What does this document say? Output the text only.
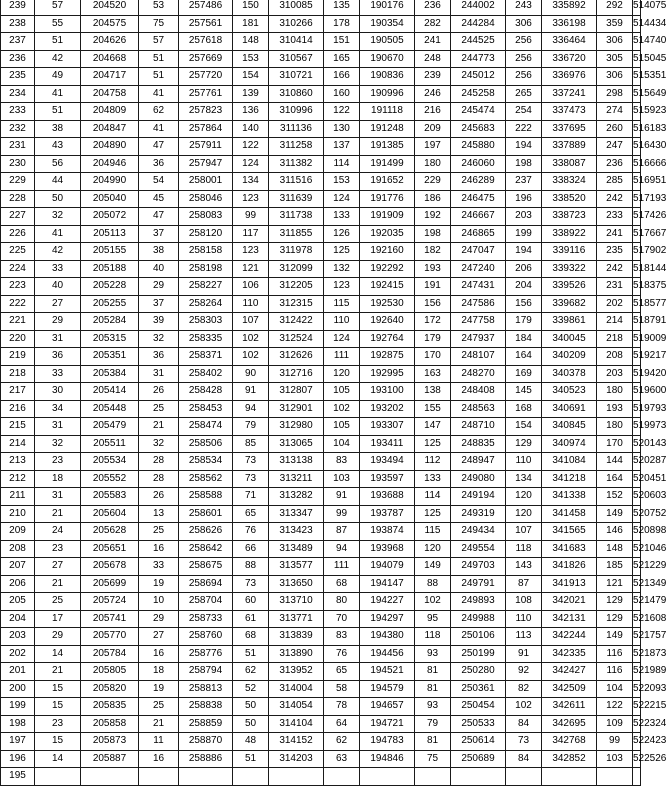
239	57	204520	53	257486	150	310085	135	190176	236	244002	243	335892	292	514075
238	55	204575	75	257561	181	310266	178	190354	282	244284	306	336198	359	514434
237	51	204626	57	257618	148	310414	151	190505	241	244525	256	336464	306	514740
236	42	204668	51	257669	153	310567	165	190670	248	244773	256	336720	305	515045
235	49	204717	51	257720	154	310721	166	190836	239	245012	256	336976	306	515351
234	41	204758	41	257761	139	310860	160	190996	246	245258	265	337241	298	515649
233	51	204809	62	257823	136	310996	122	191118	216	245474	254	337473	274	515923
232	38	204847	41	257864	140	311136	130	191248	209	245683	222	337695	260	516183
231	43	204890	47	257911	122	311258	137	191385	197	245880	194	337889	247	516430
230	56	204946	36	257947	124	311382	114	191499	180	246060	198	338087	236	516666
229	44	204990	54	258001	134	311516	153	191652	229	246289	237	338324	285	516951
228	50	205040	45	258046	123	311639	124	191776	186	246475	196	338520	242	517193
227	32	205072	47	258083	99	311738	133	191909	192	246667	203	338723	233	517426
226	41	205113	37	258120	117	311855	126	192035	198	246865	199	338922	241	517667
225	42	205155	38	258158	123	311978	125	192160	182	247047	194	339116	235	517902
224	33	205188	40	258198	121	312099	132	192292	193	247240	206	339322	242	518144
223	40	205228	29	258227	106	312205	123	192415	191	247431	204	339526	231	518375
222	27	205255	37	258264	110	312315	115	192530	156	247586	156	339682	202	518577
221	29	205284	39	258303	107	312422	110	192640	172	247758	179	339861	214	518791
220	31	205315	32	258335	102	312524	124	192764	179	247937	184	340045	218	519009
219	36	205351	36	258371	102	312626	111	192875	170	248107	164	340209	208	519217
218	33	205384	31	258402	90	312716	120	192995	163	248270	169	340378	203	519420
217	30	205414	26	258428	91	312807	105	193100	138	248408	145	340523	180	519600
216	34	205448	25	258453	94	312901	102	193202	155	248563	168	340691	193	519793
215	31	205479	21	258474	79	312980	105	193307	147	248710	154	340845	180	519973
214	32	205511	32	258506	85	313065	104	193411	125	248835	129	340974	170	520143
213	23	205534	28	258534	73	313138	83	193494	112	248947	110	341084	144	520287
212	18	205552	28	258562	73	313211	103	193597	133	249080	134	341218	164	520451
211	31	205583	26	258588	71	313282	91	193688	114	249194	120	341338	152	520603
210	21	205604	13	258601	65	313347	99	193787	125	249319	120	341458	149	520752
209	24	205628	25	258626	76	313423	87	193874	115	249434	107	341565	146	520898
208	23	205651	16	258642	66	313489	94	193968	120	249554	118	341683	148	521046
207	27	205678	33	258675	88	313577	111	194079	149	249703	143	341826	185	521229
206	21	205699	19	258694	73	313650	68	194147	88	249791	87	341913	121	521349
205	25	205724	10	258704	60	313710	80	194227	102	249893	108	342021	129	521479
204	17	205741	29	258733	61	313771	70	194297	95	249988	110	342131	129	521608
203	29	205770	27	258760	68	313839	83	194380	118	250106	113	342244	149	521757
202	14	205784	16	258776	51	313890	76	194456	93	250199	91	342335	116	521873
201	21	205805	18	258794	62	313952	65	194521	81	250280	92	342427	116	521989
200	15	205820	19	258813	52	314004	58	194579	81	250361	82	342509	104	522093
199	15	205835	25	258838	50	314054	78	194657	93	250454	102	342611	122	522215
198	23	205858	21	258859	50	314104	64	194721	79	250533	84	342695	109	522324
197	15	205873	11	258870	48	314152	62	194783	81	250614	73	342768	99	522423
196	14	205887	16	258886	51	314203	63	194846	75	250689	84	342852	103	522526
195														
